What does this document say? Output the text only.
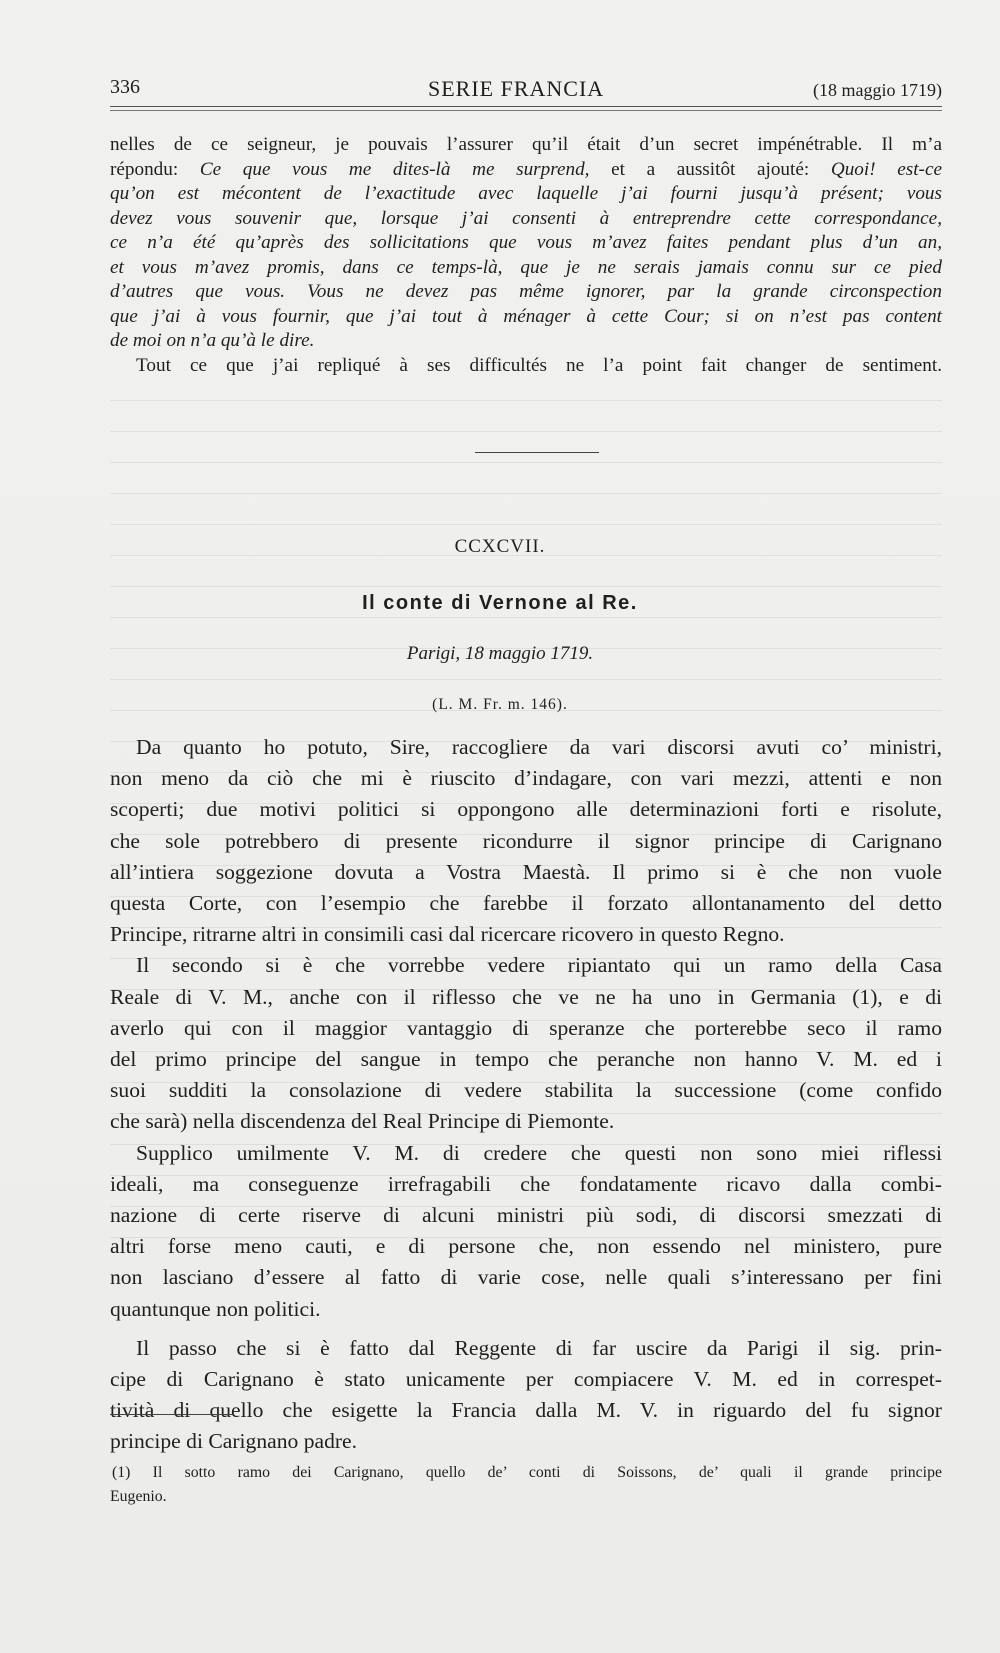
336	SERIE FRANCIA	(18 maggio 1719)
nelles de ce seigneur, je pouvais l’assurer qu’il était d’un secret impénétrable. Il m’a
répondu: Ce que vous me dites-là me surprend, et a aussitôt ajouté: Quoi! est-ce
qu’on est mécontent de l’exactitude avec laquelle j’ai fourni jusqu’à présent; vous
devez vous souvenir que, lorsque j’ai consenti à entreprendre cette correspondance,
ce n’a été qu’après des sollicitations que vous m’avez faites pendant plus d’un an,
et vous m’avez promis, dans ce temps-là, que je ne serais jamais connu sur ce pied
d’autres que vous. Vous ne devez pas même ignorer, par la grande circonspection
que j’ai à vous fournir, que j’ai tout à ménager à cette Cour; si on n’est pas content
de moi on n’a qu’à le dire.
Tout ce que j’ai repliqué à ses difficultés ne l’a point fait changer de sentiment.
CCXCVII.
Il conte di Vernone al Re.
Parigi, 18 maggio 1719.
(L. M. Fr. m. 146).
Da quanto ho potuto, Sire, raccogliere da vari discorsi avuti co’ ministri,
non meno da ciò che mi è riuscito d’indagare, con vari mezzi, attenti e non
scoperti; due motivi politici si oppongono alle determinazioni forti e risolute,
che sole potrebbero di presente ricondurre il signor principe di Carignano
all’intiera soggezione dovuta a Vostra Maestà. Il primo si è che non vuole
questa Corte, con l’esempio che farebbe il forzato allontanamento del detto
Principe, ritrarne altri in consimili casi dal ricercare ricovero in questo Regno.
Il secondo si è che vorrebbe vedere ripiantato qui un ramo della Casa
Reale di V. M., anche con il riflesso che ve ne ha uno in Germania (1), e di
averlo qui con il maggior vantaggio di speranze che porterebbe seco il ramo
del primo principe del sangue in tempo che peranche non hanno V. M. ed i
suoi sudditi la consolazione di vedere stabilita la successione (come confido
che sarà) nella discendenza del Real Principe di Piemonte.
Supplico umilmente V. M. di credere che questi non sono miei riflessi
ideali, ma conseguenze irrefragabili che fondatamente ricavo dalla combi-
nazione di certe riserve di alcuni ministri più sodi, di discorsi smezzati di
altri forse meno cauti, e di persone che, non essendo nel ministero, pure
non lasciano d’essere al fatto di varie cose, nelle quali s’interessano per fini
quantunque non politici.
Il passo che si è fatto dal Reggente di far uscire da Parigi il sig. prin-
cipe di Carignano è stato unicamente per compiacere V. M. ed in correspet-
tività di quello che esigette la Francia dalla M. V. in riguardo del fu signor
principe di Carignano padre.
(1) Il sotto ramo dei Carignano, quello de’ conti di Soissons, de’ quali il grande principe
Eugenio.
